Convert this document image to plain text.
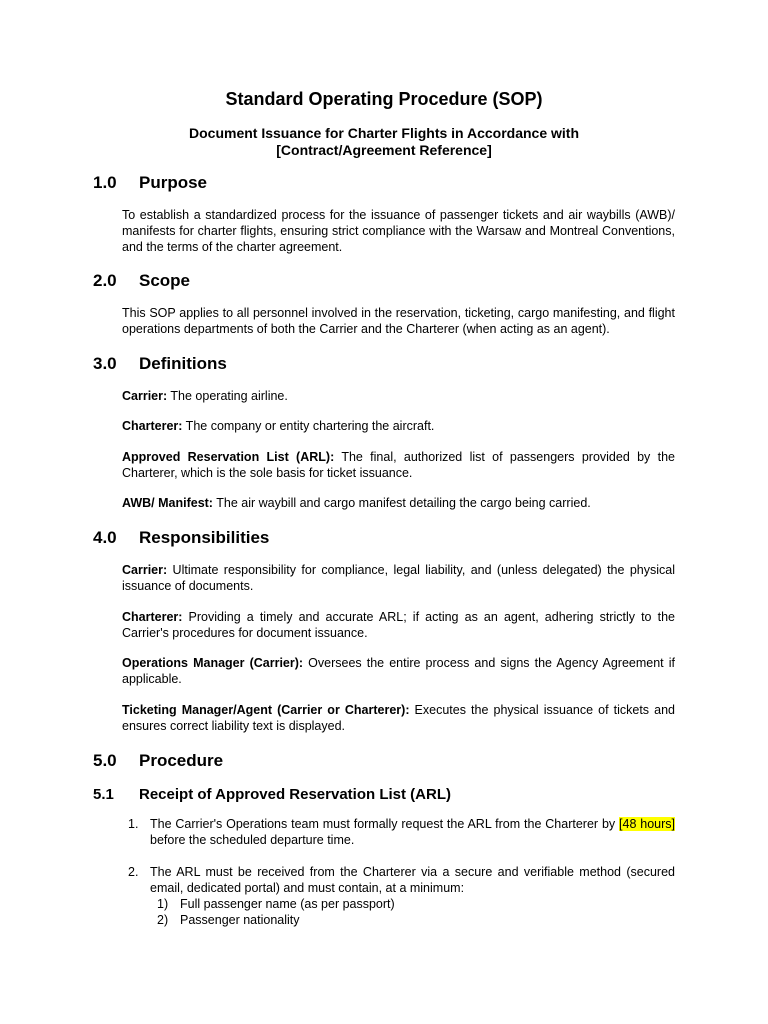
Standard Operating Procedure (SOP)
Document Issuance for Charter Flights in Accordance with
[Contract/Agreement Reference]
1.0 Purpose

To establish a standardized process for the issuance of passenger tickets and air waybills (AWB)/ manifests for charter flights, ensuring strict compliance with the Warsaw and Montreal Conventions, and the terms of the charter agreement.

2.0 Scope

This SOP applies to all personnel involved in the reservation, ticketing, cargo manifesting, and flight operations departments of both the Carrier and the Charterer (when acting as an agent).

3.0 Definitions

Carrier: The operating airline.

Charterer: The company or entity chartering the aircraft.

Approved Reservation List (ARL): The final, authorized list of passengers provided by the Charterer, which is the sole basis for ticket issuance.

AWB/ Manifest: The air waybill and cargo manifest detailing the cargo being carried.

4.0 Responsibilities

Carrier: Ultimate responsibility for compliance, legal liability, and (unless delegated) the physical issuance of documents.

Charterer: Providing a timely and accurate ARL; if acting as an agent, adhering strictly to the Carrier's procedures for document issuance.

Operations Manager (Carrier): Oversees the entire process and signs the Agency Agreement if applicable.

Ticketing Manager/Agent (Carrier or Charterer): Executes the physical issuance of tickets and ensures correct liability text is displayed.

5.0 Procedure
5.1 Receipt of Approved Reservation List (ARL)
1. The Carrier's Operations team must formally request the ARL from the Charterer by [48 hours] before the scheduled departure time.
2. The ARL must be received from the Charterer via a secure and verifiable method (secured email, dedicated portal) and must contain, at a minimum:
1) Full passenger name (as per passport)
2) Passenger nationality
